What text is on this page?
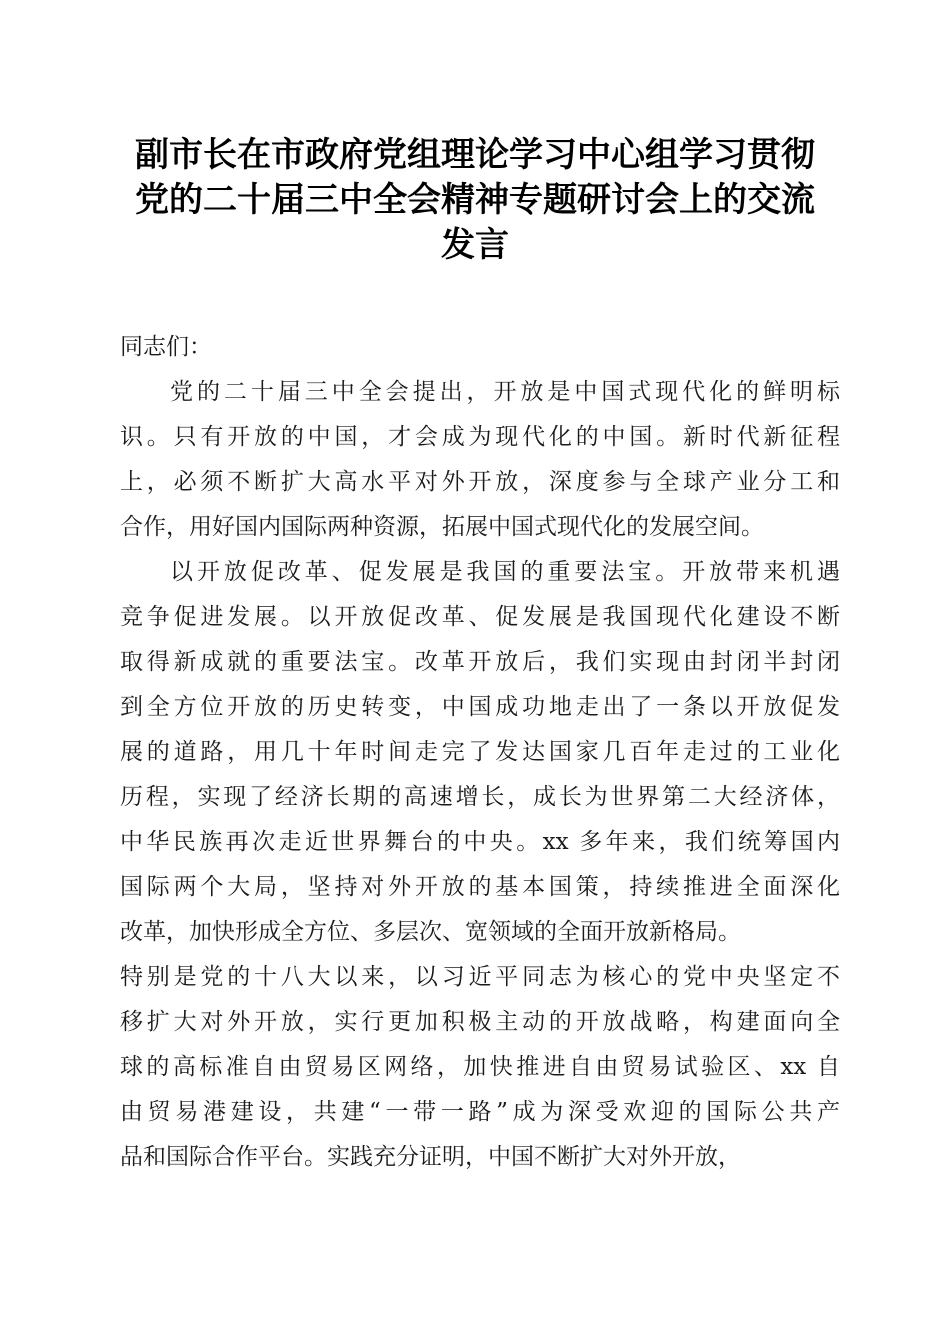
副市长在市政府党组理论学习中心组学习贯彻
党的二十届三中全会精神专题研讨会上的交流
发言
同志们：
党的二十届三中全会提出，开放是中国式现代化的鲜明标
识。只有开放的中国，才会成为现代化的中国。新时代新征程
上，必须不断扩大高水平对外开放，深度参与全球产业分工和
合作，用好国内国际两种资源，拓展中国式现代化的发展空间。
以开放促改革、促发展是我国的重要法宝。开放带来机遇
竞争促进发展。以开放促改革、促发展是我国现代化建设不断
取得新成就的重要法宝。改革开放后，我们实现由封闭半封闭
到全方位开放的历史转变，中国成功地走出了一条以开放促发
展的道路，用几十年时间走完了发达国家几百年走过的工业化
历程，实现了经济长期的高速增长，成长为世界第二大经济体，
中华民族再次走近世界舞台的中央。xx 多年来，我们统筹国内
国际两个大局，坚持对外开放的基本国策，持续推进全面深化
改革，加快形成全方位、多层次、宽领域的全面开放新格局。
特别是党的十八大以来，以习近平同志为核心的党中央坚定不
移扩大对外开放，实行更加积极主动的开放战略，构建面向全
球的高标准自由贸易区网络，加快推进自由贸易试验区、xx 自
由贸易港建设，共建“一带一路”成为深受欢迎的国际公共产
品和国际合作平台。实践充分证明，中国不断扩大对外开放，
